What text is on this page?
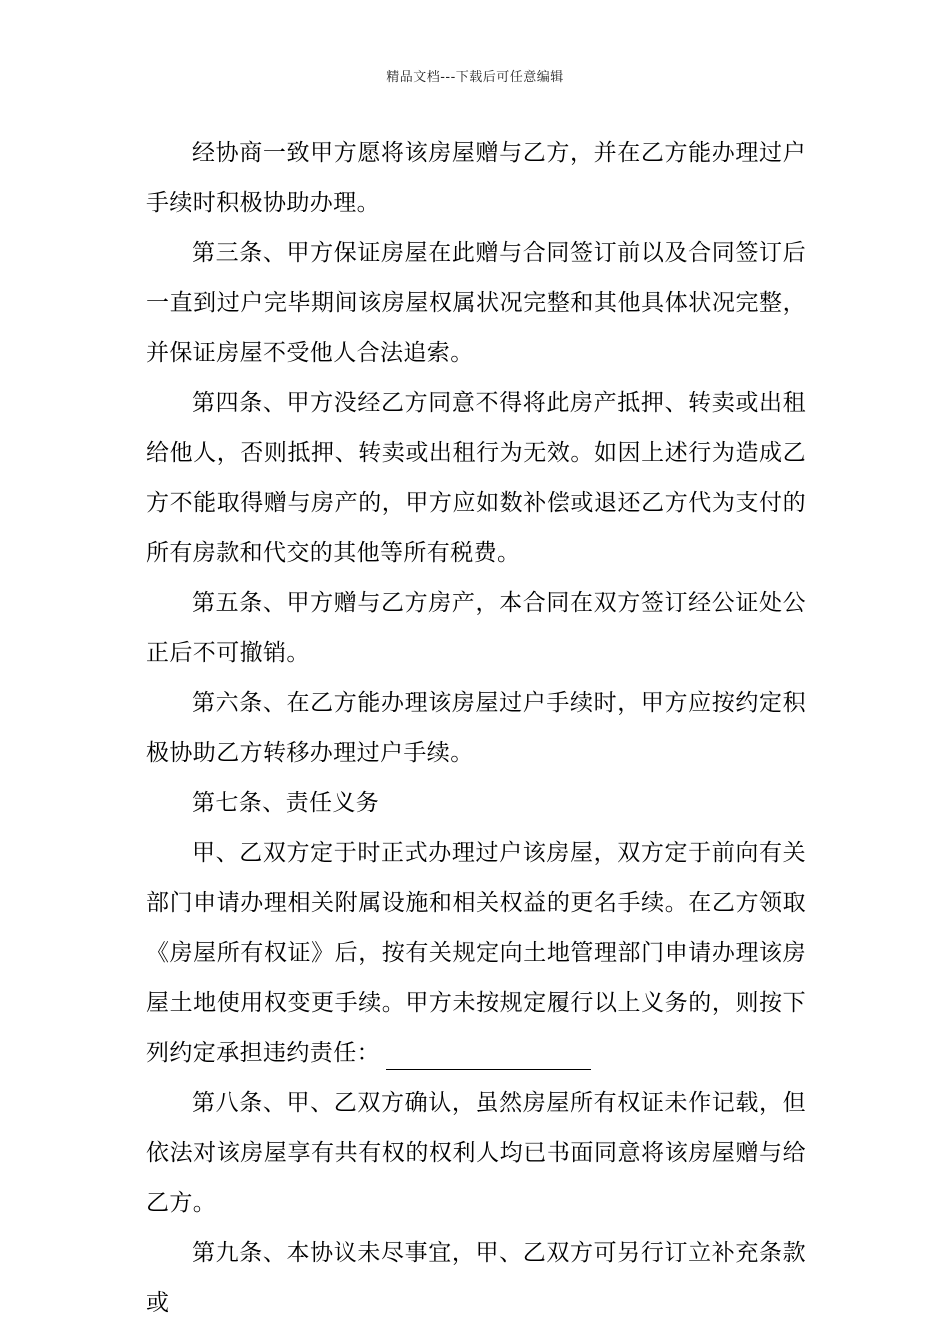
精品文档---下载后可任意编辑

经协商一致甲方愿将该房屋赠与乙方，并在乙方能办理过户手续时积极协助办理。

第三条、甲方保证房屋在此赠与合同签订前以及合同签订后一直到过户完毕期间该房屋权属状况完整和其他具体状况完整，并保证房屋不受他人合法追索。

第四条、甲方没经乙方同意不得将此房产抵押、转卖或出租给他人，否则抵押、转卖或出租行为无效。如因上述行为造成乙方不能取得赠与房产的，甲方应如数补偿或退还乙方代为支付的所有房款和代交的其他等所有税费。

第五条、甲方赠与乙方房产，本合同在双方签订经公证处公正后不可撤销。

第六条、在乙方能办理该房屋过户手续时，甲方应按约定积极协助乙方转移办理过户手续。

第七条、责任义务

甲、乙双方定于时正式办理过户该房屋，双方定于前向有关部门申请办理相关附属设施和相关权益的更名手续。在乙方领取《房屋所有权证》后，按有关规定向土地管理部门申请办理该房屋土地使用权变更手续。甲方未按规定履行以上义务的，则按下列约定承担违约责任：

第八条、甲、乙双方确认，虽然房屋所有权证未作记载，但依法对该房屋享有共有权的权利人均已书面同意将该房屋赠与给乙方。

第九条、本协议未尽事宜，甲、乙双方可另行订立补充条款或
